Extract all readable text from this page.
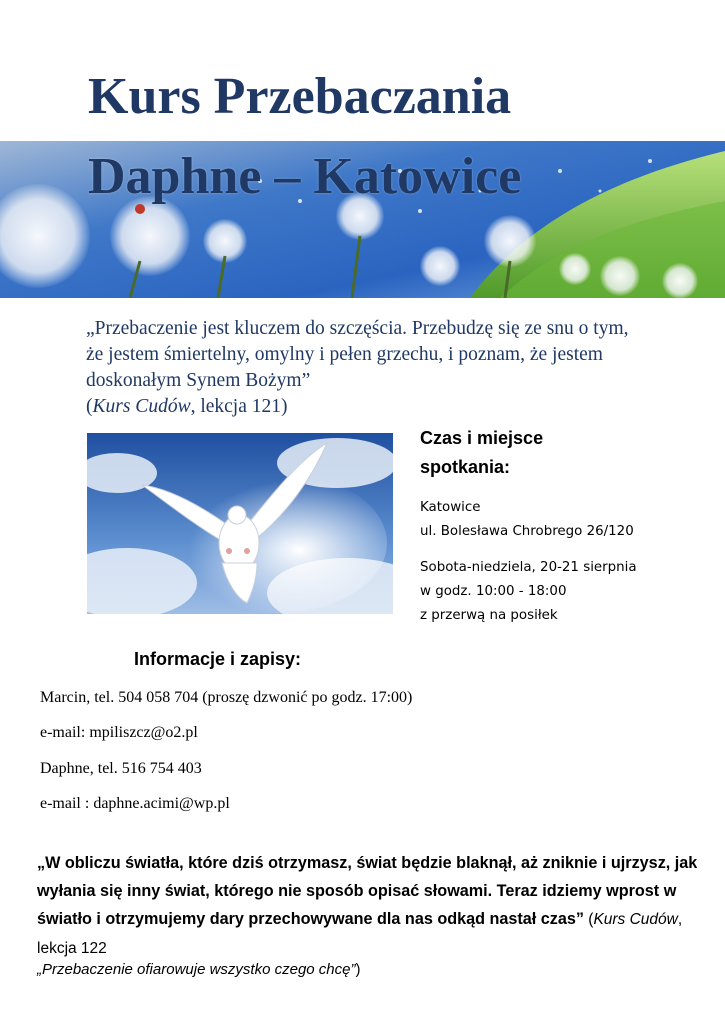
Kurs Przebaczania
Daphne – Katowice

„Przebaczenie jest kluczem do szczęścia. Przebudzę się ze snu o tym, że jestem śmiertelny, omylny i pełen grzechu, i poznam, że jestem doskonałym Synem Bożym”
(Kurs Cudów, lekcja 121)

Czas i miejsce
spotkania:

Katowice
ul. Bolesława Chrobrego 26/120

Sobota-niedziela, 20-21 sierpnia
w godz. 10:00 - 18:00
z przerwą na posiłek

Informacje i zapisy:

Marcin, tel. 504 058 704 (proszę dzwonić po godz. 17:00)

e-mail: mpiliszcz@o2.pl

Daphne, tel. 516 754 403

e-mail : daphne.acimi@wp.pl

„W obliczu światła, które dziś otrzymasz, świat będzie blaknął, aż zniknie i ujrzysz, jak wyłania się inny świat, którego nie sposób opisać słowami. Teraz idziemy wprost w światło i otrzymujemy dary przechowywane dla nas odkąd nastał czas” (Kurs Cudów, lekcja 122
„Przebaczenie ofiarowuje wszystko czego chcę”)
